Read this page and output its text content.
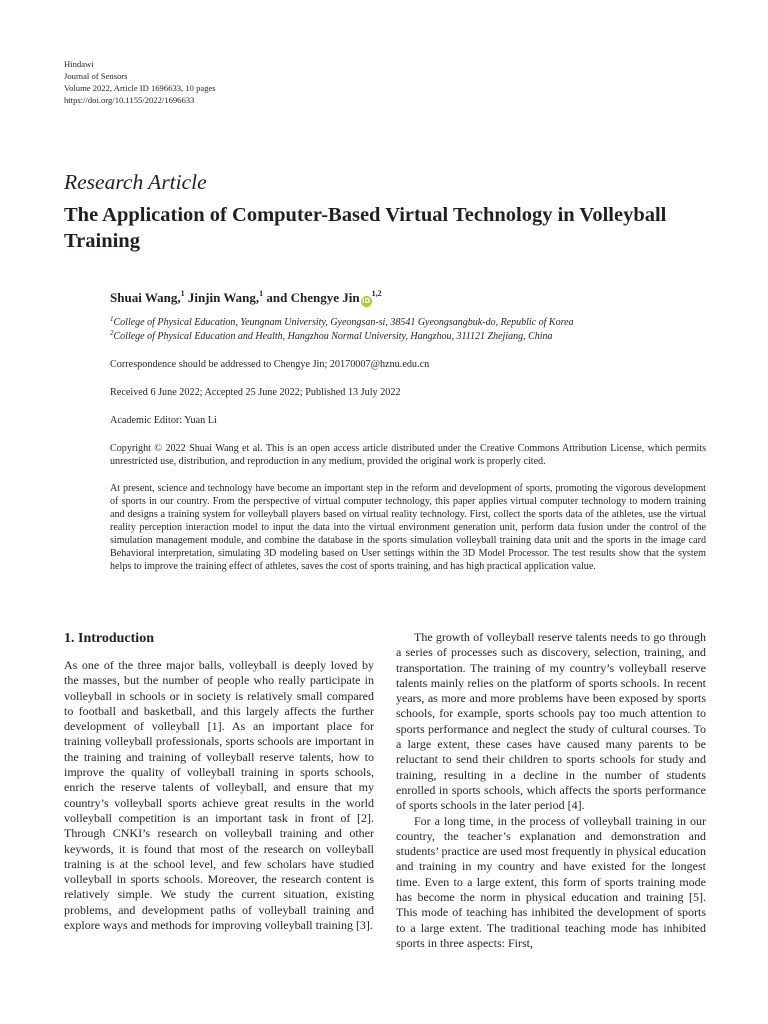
Hindawi
Journal of Sensors
Volume 2022, Article ID 1696633, 10 pages
https://doi.org/10.1155/2022/1696633
Research Article
The Application of Computer-Based Virtual Technology in Volleyball Training
Shuai Wang,$^1$ Jinjin Wang,$^1$ and Chengye Jin iD$^{1,2}$
$^1$College of Physical Education, Yeungnam University, Gyeongsan-si, 38541 Gyeongsangbuk-do, Republic of Korea
$^2$College of Physical Education and Health, Hangzhou Normal University, Hangzhou, 311121 Zhejiang, China
Correspondence should be addressed to Chengye Jin; 20170007@hznu.edu.cn
Received 6 June 2022; Accepted 25 June 2022; Published 13 July 2022
Academic Editor: Yuan Li
Copyright © 2022 Shuai Wang et al. This is an open access article distributed under the Creative Commons Attribution License, which permits unrestricted use, distribution, and reproduction in any medium, provided the original work is properly cited.
At present, science and technology have become an important step in the reform and development of sports, promoting the vigorous development of sports in our country. From the perspective of virtual computer technology, this paper applies virtual computer technology to modern training and designs a training system for volleyball players based on virtual reality technology. First, collect the sports data of the athletes, use the virtual reality perception interaction model to input the data into the virtual environment generation unit, perform data fusion under the control of the simulation management module, and combine the database in the sports simulation volleyball training data unit and the sports in the image card Behavioral interpretation, simulating 3D modeling based on User settings within the 3D Model Processor. The test results show that the system helps to improve the training effect of athletes, saves the cost of sports training, and has high practical application value.
1. Introduction

As one of the three major balls, volleyball is deeply loved by the masses, but the number of people who really participate in volleyball in schools or in society is relatively small compared to football and basketball, and this largely affects the further development of volleyball [1]. As an important place for training volleyball professionals, sports schools are important in the training and training of volleyball reserve talents, how to improve the quality of volleyball training in sports schools, enrich the reserve talents of volleyball, and ensure that my country’s volleyball sports achieve great results in the world volleyball competition is an important task in front of [2]. Through CNKI’s research on volleyball training and other keywords, it is found that most of the research on volleyball training is at the school level, and few scholars have studied volleyball in sports schools. Moreover, the research content is relatively simple. We study the current situation, existing problems, and development paths of volleyball training and explore ways and methods for improving volleyball training [3].

The growth of volleyball reserve talents needs to go through a series of processes such as discovery, selection, training, and transportation. The training of my country’s volleyball reserve talents mainly relies on the platform of sports schools. In recent years, as more and more problems have been exposed by sports schools, for example, sports schools pay too much attention to sports performance and neglect the study of cultural courses. To a large extent, these cases have caused many parents to be reluctant to send their children to sports schools for study and training, resulting in a decline in the number of students enrolled in sports schools, which affects the sports performance of sports schools in the later period [4].

For a long time, in the process of volleyball training in our country, the teacher’s explanation and demonstration and students’ practice are used most frequently in physical education and training in my country and have existed for the longest time. Even to a large extent, this form of sports training mode has become the norm in physical education and training [5]. This mode of teaching has inhibited the development of sports to a large extent. The traditional teaching mode has inhibited sports in three aspects: First,
